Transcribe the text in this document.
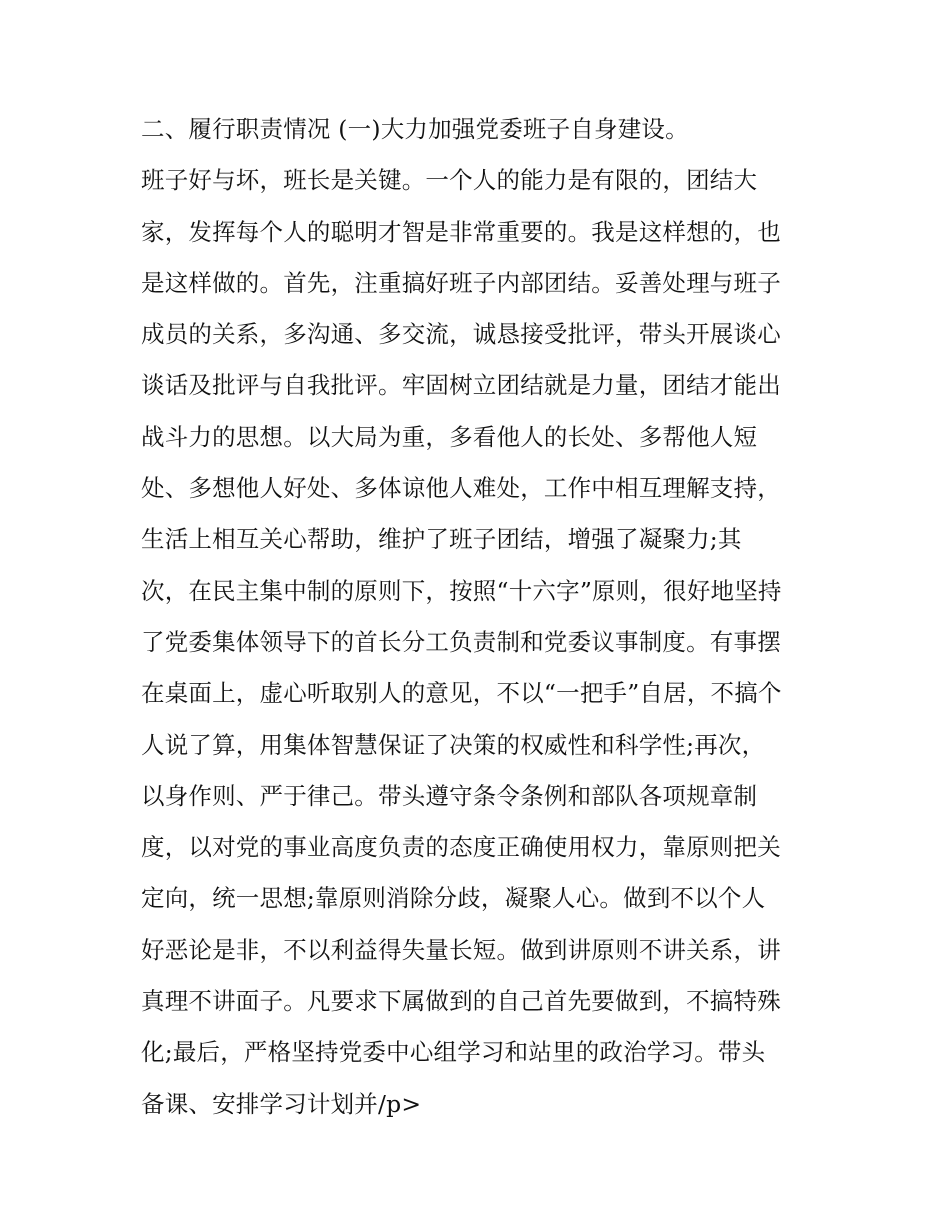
二、履行职责情况 (一)大力加强党委班子自身建设。
班子好与坏，班长是关键。一个人的能力是有限的，团结大
家，发挥每个人的聪明才智是非常重要的。我是这样想的，也
是这样做的。首先，注重搞好班子内部团结。妥善处理与班子
成员的关系，多沟通、多交流，诚恳接受批评，带头开展谈心
谈话及批评与自我批评。牢固树立团结就是力量，团结才能出
战斗力的思想。以大局为重，多看他人的长处、多帮他人短
处、多想他人好处、多体谅他人难处，工作中相互理解支持，
生活上相互关心帮助，维护了班子团结，增强了凝聚力;其
次，在民主集中制的原则下，按照“十六字”原则，很好地坚持
了党委集体领导下的首长分工负责制和党委议事制度。有事摆
在桌面上，虚心听取别人的意见，不以“一把手”自居，不搞个
人说了算，用集体智慧保证了决策的权威性和科学性;再次，
以身作则、严于律己。带头遵守条令条例和部队各项规章制
度，以对党的事业高度负责的态度正确使用权力，靠原则把关
定向，统一思想;靠原则消除分歧，凝聚人心。做到不以个人
好恶论是非，不以利益得失量长短。做到讲原则不讲关系，讲
真理不讲面子。凡要求下属做到的自己首先要做到，不搞特殊
化;最后，严格坚持党委中心组学习和站里的政治学习。带头
备课、安排学习计划并/p>
